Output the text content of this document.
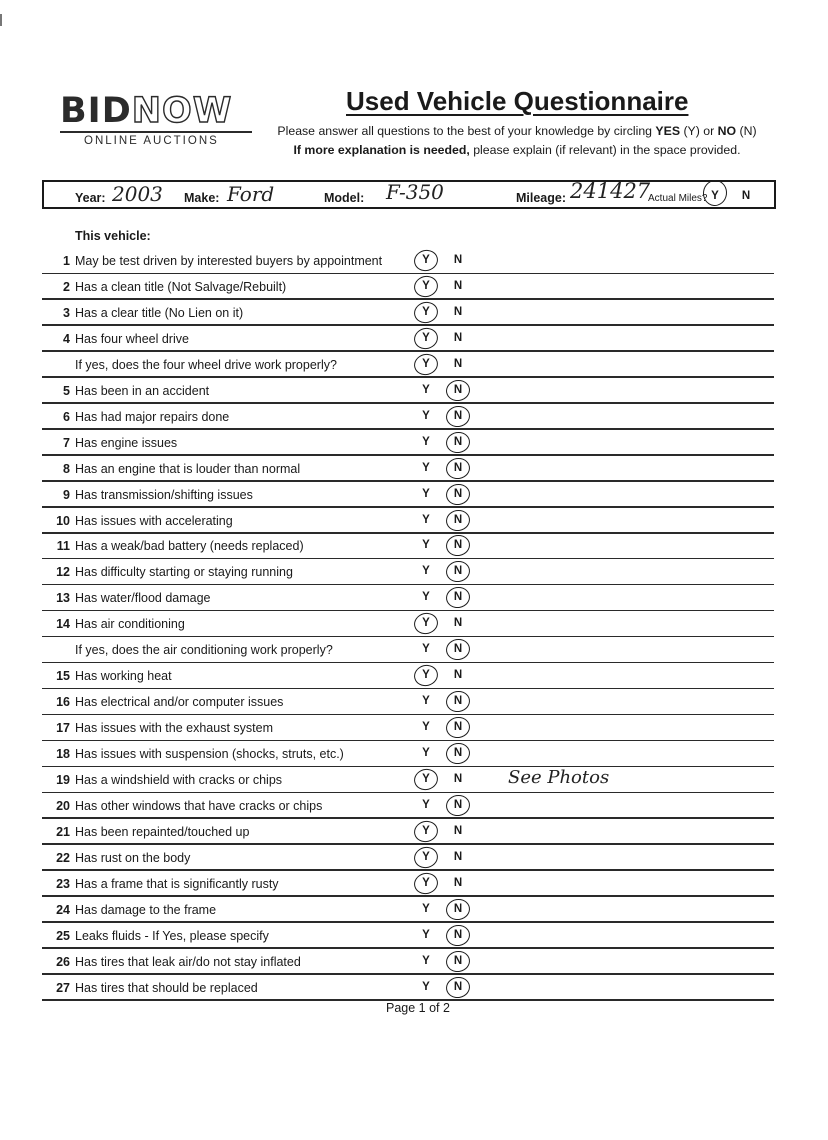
BIDNOW
ONLINE AUCTIONS
Used Vehicle Questionnaire
Please answer all questions to the best of your knowledge by circling YES (Y) or NO (N)
If more explanation is needed, please explain (if relevant) in the space provided.
Year: 2003 Make: Ford	Model: F-350	Mileage: 241427
Actual Miles? Y N
This vehicle:
1 May be test driven by interested buyers by appointment	Y N
2 Has a clean title (Not Salvage/Rebuilt)	Y N
3 Has a clear title (No Lien on it)	Y N
4 Has four wheel drive	Y N
If yes, does the four wheel drive work properly?	Y N
5 Has been in an accident	Y N
6 Has had major repairs done	Y N
7 Has engine issues	Y N
8 Has an engine that is louder than normal	Y N
9 Has transmission/shifting issues	Y N
10 Has issues with accelerating	Y N
11 Has a weak/bad battery (needs replaced)	Y N
12 Has difficulty starting or staying running	Y N
13 Has water/flood damage	Y N
14 Has air conditioning	Y N
If yes, does the air conditioning work properly?	Y N
15 Has working heat	Y N
16 Has electrical and/or computer issues	Y N
17 Has issues with the exhaust system	Y N
18 Has issues with suspension (shocks, struts, etc.)	Y N
19 Has a windshield with cracks or chips	Y N	See Photos
20 Has other windows that have cracks or chips	Y N
21 Has been repainted/touched up	Y N
22 Has rust on the body	Y N
23 Has a frame that is significantly rusty	Y N
24 Has damage to the frame	Y N
25 Leaks fluids - If Yes, please specify	Y N
26 Has tires that leak air/do not stay inflated	Y N
27 Has tires that should be replaced	Y N
Page 1 of 2
